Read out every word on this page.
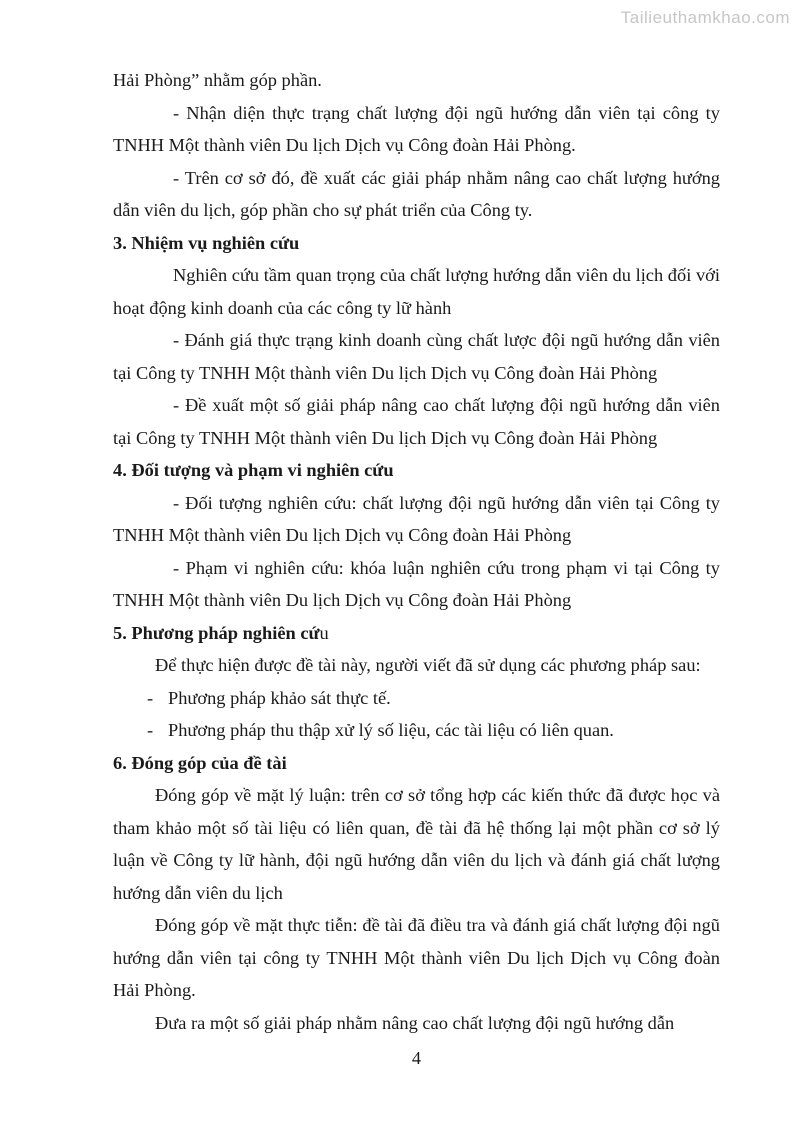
Tailieuthamkhao.com

Hải Phòng” nhằm góp phần.

- Nhận diện thực trạng chất lượng đội ngũ hướng dẫn viên tại công ty TNHH Một thành viên Du lịch Dịch vụ Công đoàn Hải Phòng.

- Trên cơ sở đó, đề xuất các giải pháp nhằm nâng cao chất lượng hướng dẫn viên du lịch, góp phần cho sự phát triển của Công ty.

3. Nhiệm vụ nghiên cứu

Nghiên cứu tầm quan trọng của chất lượng hướng dẫn viên du lịch đối với hoạt động kinh doanh của các công ty lữ hành

- Đánh giá thực trạng kinh doanh cùng chất lược đội ngũ hướng dẫn viên tại Công ty TNHH Một thành viên Du lịch Dịch vụ Công đoàn Hải Phòng

- Đề xuất một số giải pháp nâng cao chất lượng đội ngũ hướng dẫn viên tại Công ty TNHH Một thành viên Du lịch Dịch vụ Công đoàn Hải Phòng

4. Đối tượng và phạm vi nghiên cứu

- Đối tượng nghiên cứu: chất lượng đội ngũ hướng dẫn viên tại Công ty TNHH Một thành viên Du lịch Dịch vụ Công đoàn Hải Phòng

- Phạm vi nghiên cứu: khóa luận nghiên cứu trong phạm vi tại Công ty TNHH Một thành viên Du lịch Dịch vụ Công đoàn Hải Phòng

5. Phương pháp nghiên cứu

Để thực hiện được đề tài này, người viết đã sử dụng các phương pháp sau:

- Phương pháp khảo sát thực tế.

- Phương pháp thu thập xử lý số liệu, các tài liệu có liên quan.

6. Đóng góp của đề tài

Đóng góp về mặt lý luận: trên cơ sở tổng hợp các kiến thức đã được học và tham khảo một số tài liệu có liên quan, đề tài đã hệ thống lại một phần cơ sở lý luận về Công ty lữ hành, đội ngũ hướng dẫn viên du lịch và đánh giá chất lượng hướng dẫn viên du lịch

Đóng góp về mặt thực tiễn: đề tài đã điều tra và đánh giá chất lượng đội ngũ hướng dẫn viên tại công ty TNHH Một thành viên Du lịch Dịch vụ Công đoàn Hải Phòng.

Đưa ra một số giải pháp nhằm nâng cao chất lượng đội ngũ hướng dẫn

4
